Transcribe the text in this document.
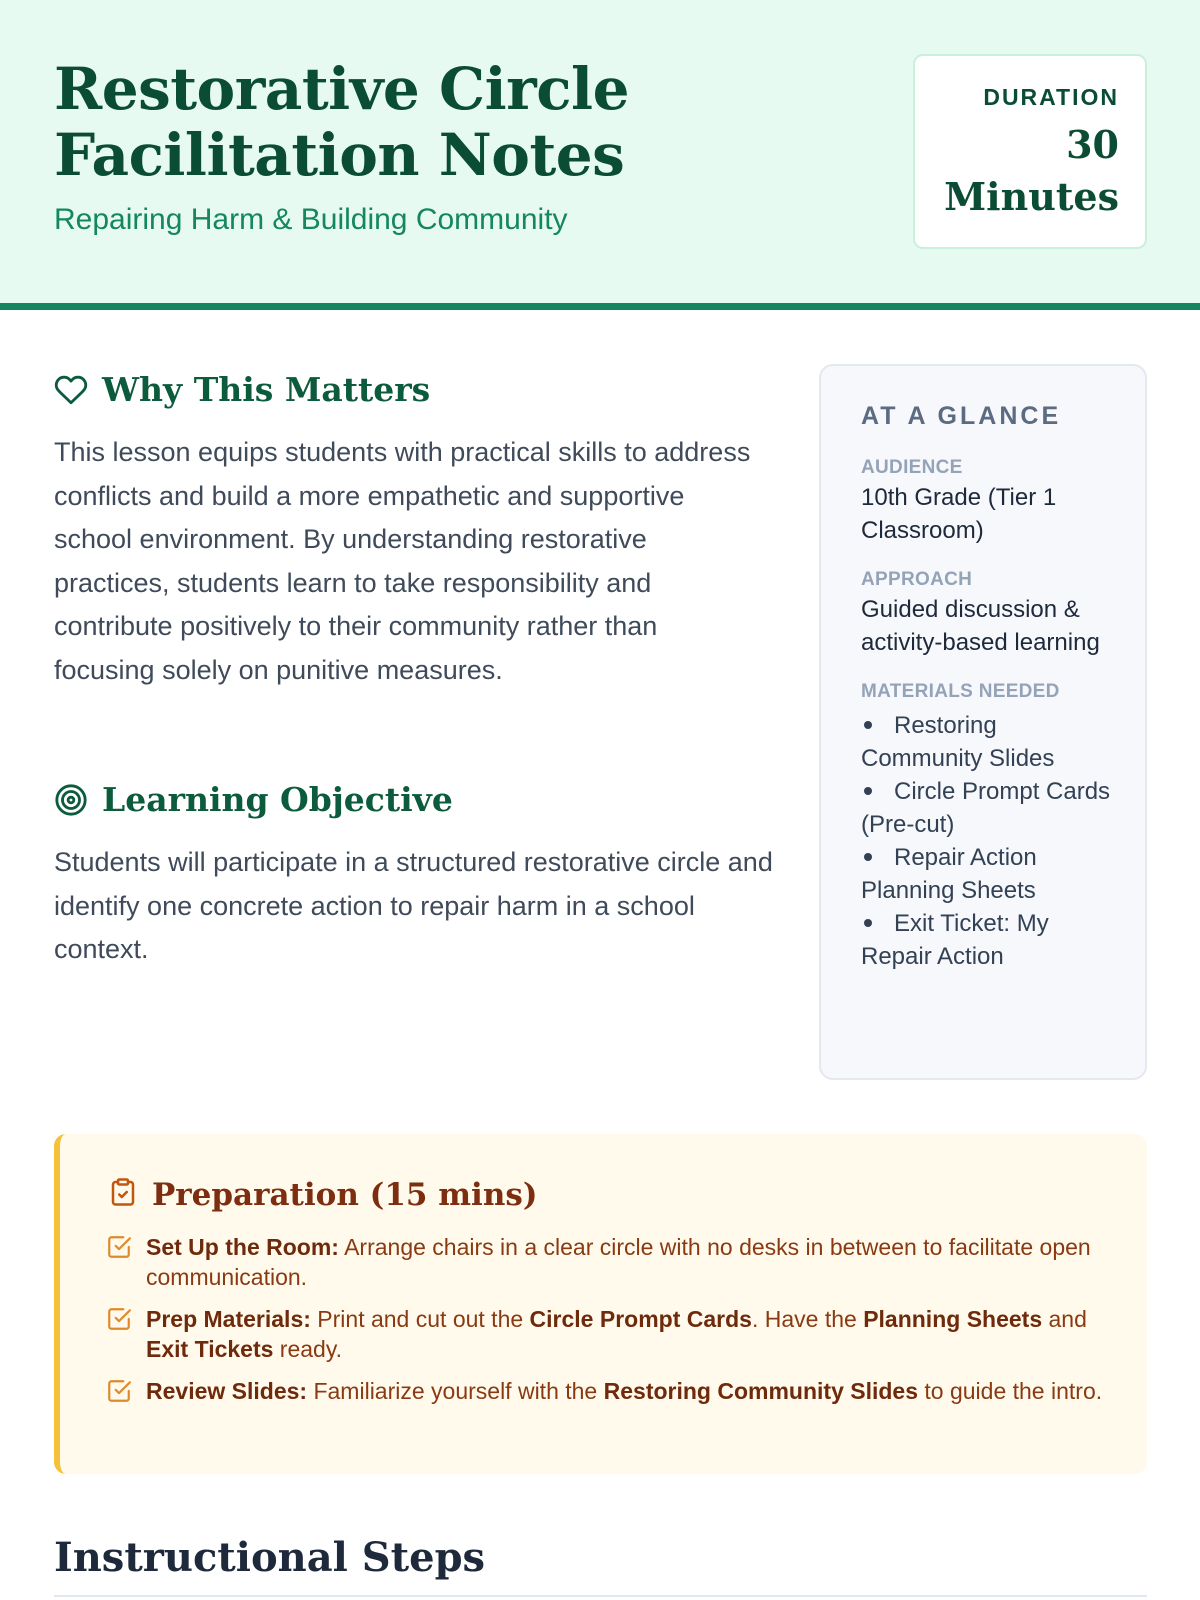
Restorative Circle Facilitation Notes
Repairing Harm & Building Community
DURATION
30
Minutes
Why This Matters

This lesson equips students with practical skills to address conflicts and build a more empathetic and supportive school environment. By understanding restorative practices, students learn to take responsibility and contribute positively to their community rather than focusing solely on punitive measures.

Learning Objective

Students will participate in a structured restorative circle and identify one concrete action to repair harm in a school context.

AT A GLANCE
AUDIENCE
10th Grade (Tier 1 Classroom)
APPROACH
Guided discussion & activity-based learning
MATERIALS NEEDED
Restoring Community Slides
Circle Prompt Cards (Pre-cut)
Repair Action Planning Sheets
Exit Ticket: My Repair Action
Preparation (15 mins)

Set Up the Room: Arrange chairs in a clear circle with no desks in between to facilitate open communication.

Prep Materials: Print and cut out the Circle Prompt Cards. Have the Planning Sheets and Exit Tickets ready.

Review Slides: Familiarize yourself with the Restoring Community Slides to guide the intro.

Instructional Steps
